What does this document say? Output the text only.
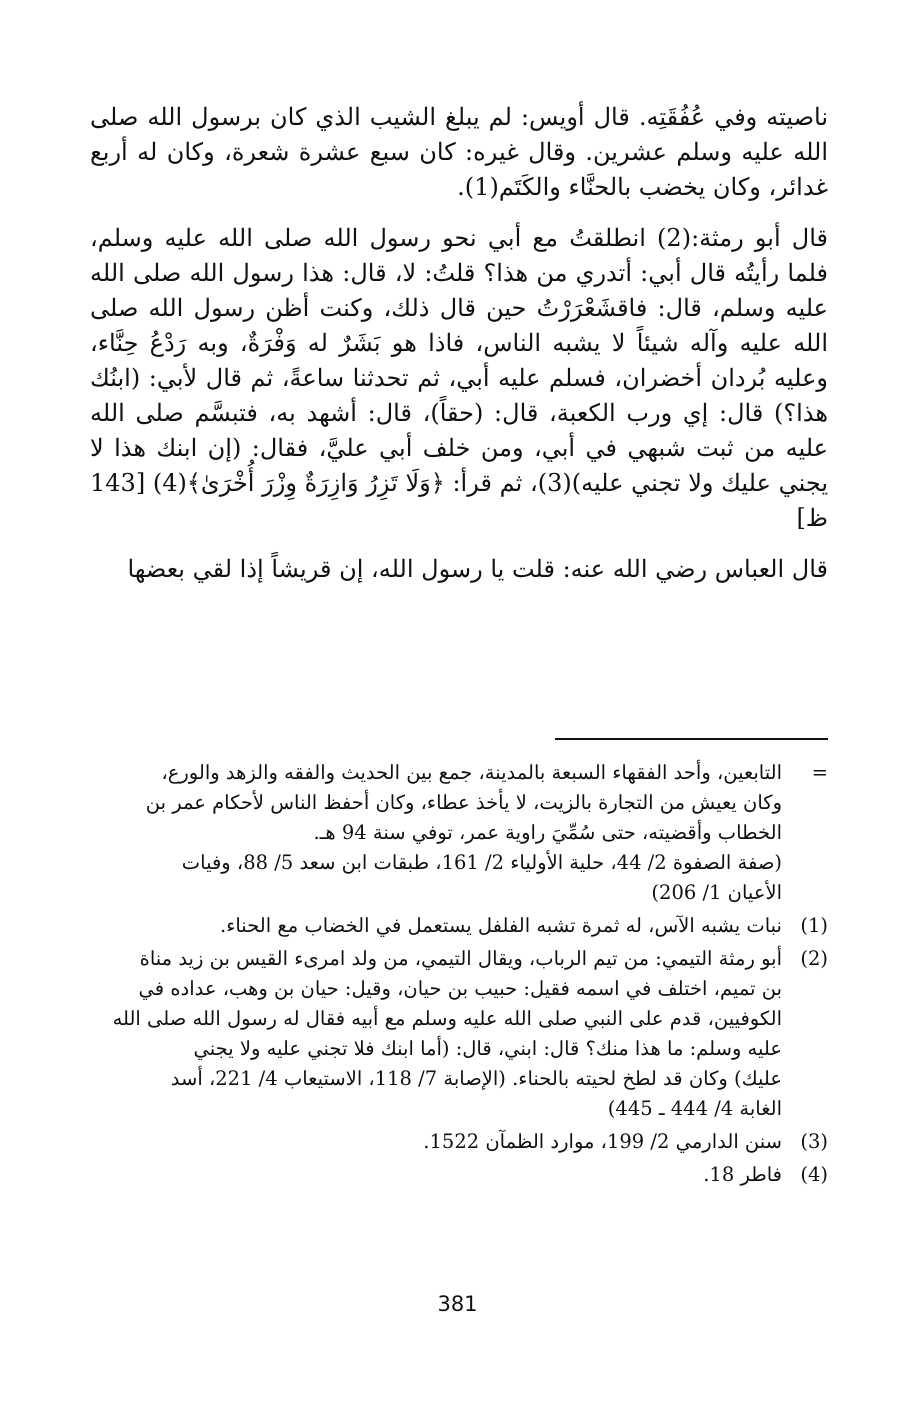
ناصيته وفي عُفُقَتِه. قال أويس: لم يبلغ الشيب الذي كان برسول الله صلى الله عليه وسلم عشرين. وقال غيره: كان سبع عشرة شعرة، وكان له أربع غدائر، وكان يخضب بالحنَّاء والكَتَم(1).

قال أبو رمثة:(2) انطلقتُ مع أبي نحو رسول الله صلى الله عليه وسلم، فلما رأيتُه قال أبي: أتدري من هذا؟ قلتُ: لا، قال: هذا رسول الله صلى الله عليه وسلم، قال: فاقشَعْرَرْتُ حين قال ذلك، وكنت أظن رسول الله صلى الله عليه وآله شيئاً لا يشبه الناس، فاذا هو بَشَرٌ له وَفْرَةٌ، وبه رَدْعُ حِنَّاء، وعليه بُردان أخضران، فسلم عليه أبي، ثم تحدثنا ساعةً، ثم قال لأبي: (ابنُك هذا؟) قال: إي ورب الكعبة، قال: (حقاً)، قال: أشهد به، فتبسَّم صلى الله عليه من ثبت شبهي في أبي، ومن خلف أبي عليَّ، فقال: (إن ابنك هذا لا يجني عليك ولا تجني عليه)(3)، ثم قرأ: ﴿وَلَا تَزِرُ وَازِرَةٌ وِزْرَ أُخْرَىٰ﴾(4) [143 ظ]

قال العباس رضي الله عنه: قلت يا رسول الله، إن قريشاً إذا لقي بعضها

=
التابعين، وأحد الفقهاء السبعة بالمدينة، جمع بين الحديث والفقه والزهد والورع،
وكان يعيش من التجارة بالزيت، لا يأخذ عطاء، وكان أحفظ الناس لأحكام عمر بن
الخطاب وأقضيته، حتى سُمِّيَ راوية عمر، توفي سنة 94 هـ.
(صفة الصفوة 2/ 44، حلية الأولياء 2/ 161، طبقات ابن سعد 5/ 88، وفيات
الأعيان 1/ 206)
(1)
نبات يشبه الآس، له ثمرة تشبه الفلفل يستعمل في الخضاب مع الحناء.
(2)
أبو رمثة التيمي: من تيم الرباب، ويقال التيمي، من ولد امرىء القيس بن زيد مناة
بن تميم، اختلف في اسمه فقيل: حبيب بن حيان، وقيل: حيان بن وهب، عداده في
الكوفيين، قدم على النبي صلى الله عليه وسلم مع أبيه فقال له رسول الله صلى الله
عليه وسلم: ما هذا منك؟ قال: ابني، قال: (أما ابنك فلا تجني عليه ولا يجني
عليك) وكان قد لطخ لحيته بالحناء. (الإصابة 7/ 118، الاستيعاب 4/ 221، أسد
الغابة 4/ 444 ـ 445)
(3)
سنن الدارمي 2/ 199، موارد الظمآن 1522.
(4)
فاطر 18.
381
